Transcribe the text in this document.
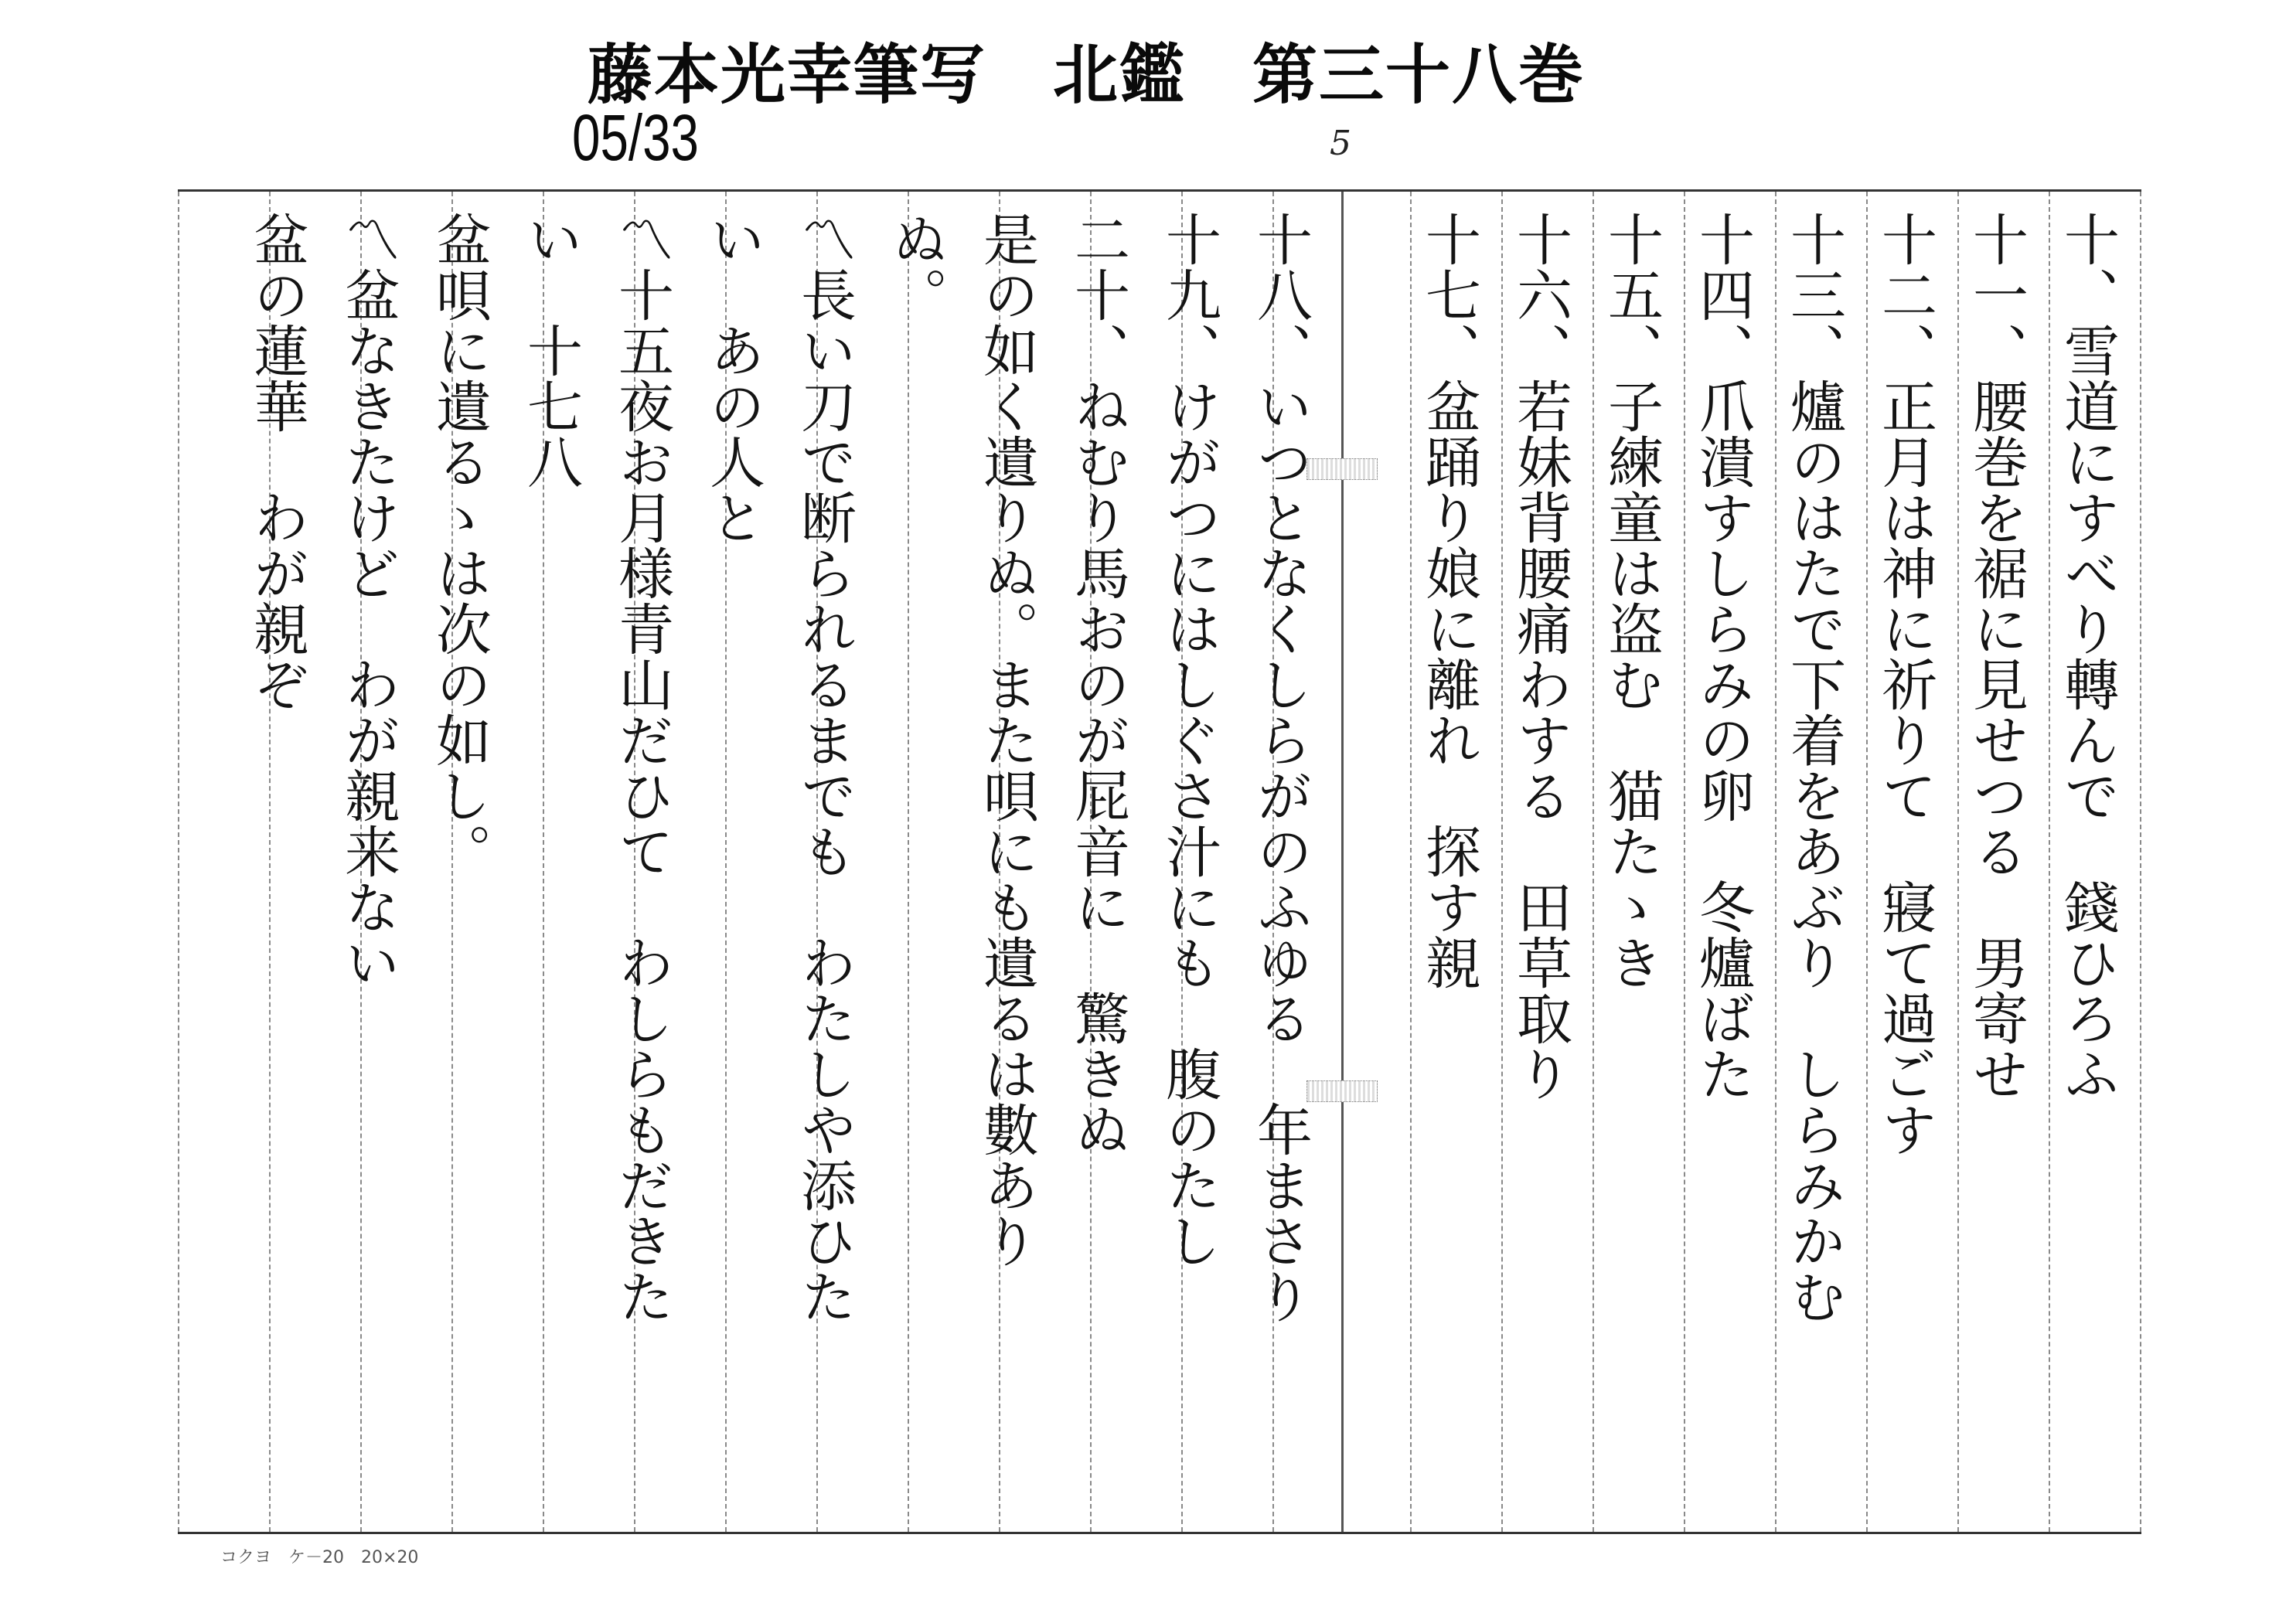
藤本光幸筆写　北鑑　第三十八巻
05/33	5
十、雪道にすべり轉んで　錢ひろふ
十一、腰巻を裾に見せつる　男寄せ
十二、正月は神に祈りて　寢て過ごす
十三、爐のはたで下着をあぶり　しらみかむ
十四、爪潰すしらみの卵　冬爐ばた
十五、子練童は盗む　猫たゝき
十六、若妹背腰痛わする　田草取り
十七、盆踊り娘に離れ　探す親
十八、いつとなくしらがのふゆる　年まさり
十九、けがつにはしぐさ汁にも　腹のたし
二十、ねむり馬おのが屁音に　驚きぬ
是の如く遺りぬ。また唄にも遺るは數あり
ぬ。
〽長い刀で断られるまでも　わたしや添ひた
い　あの人と
〽十五夜お月様青山だひて　わしらもだきた
い　十七八
盆唄に遺るゝは次の如し。
〽盆なきたけど　わが親来ない
盆の蓮華　わが親ぞ
コクヨ　ケ－20　20×20
